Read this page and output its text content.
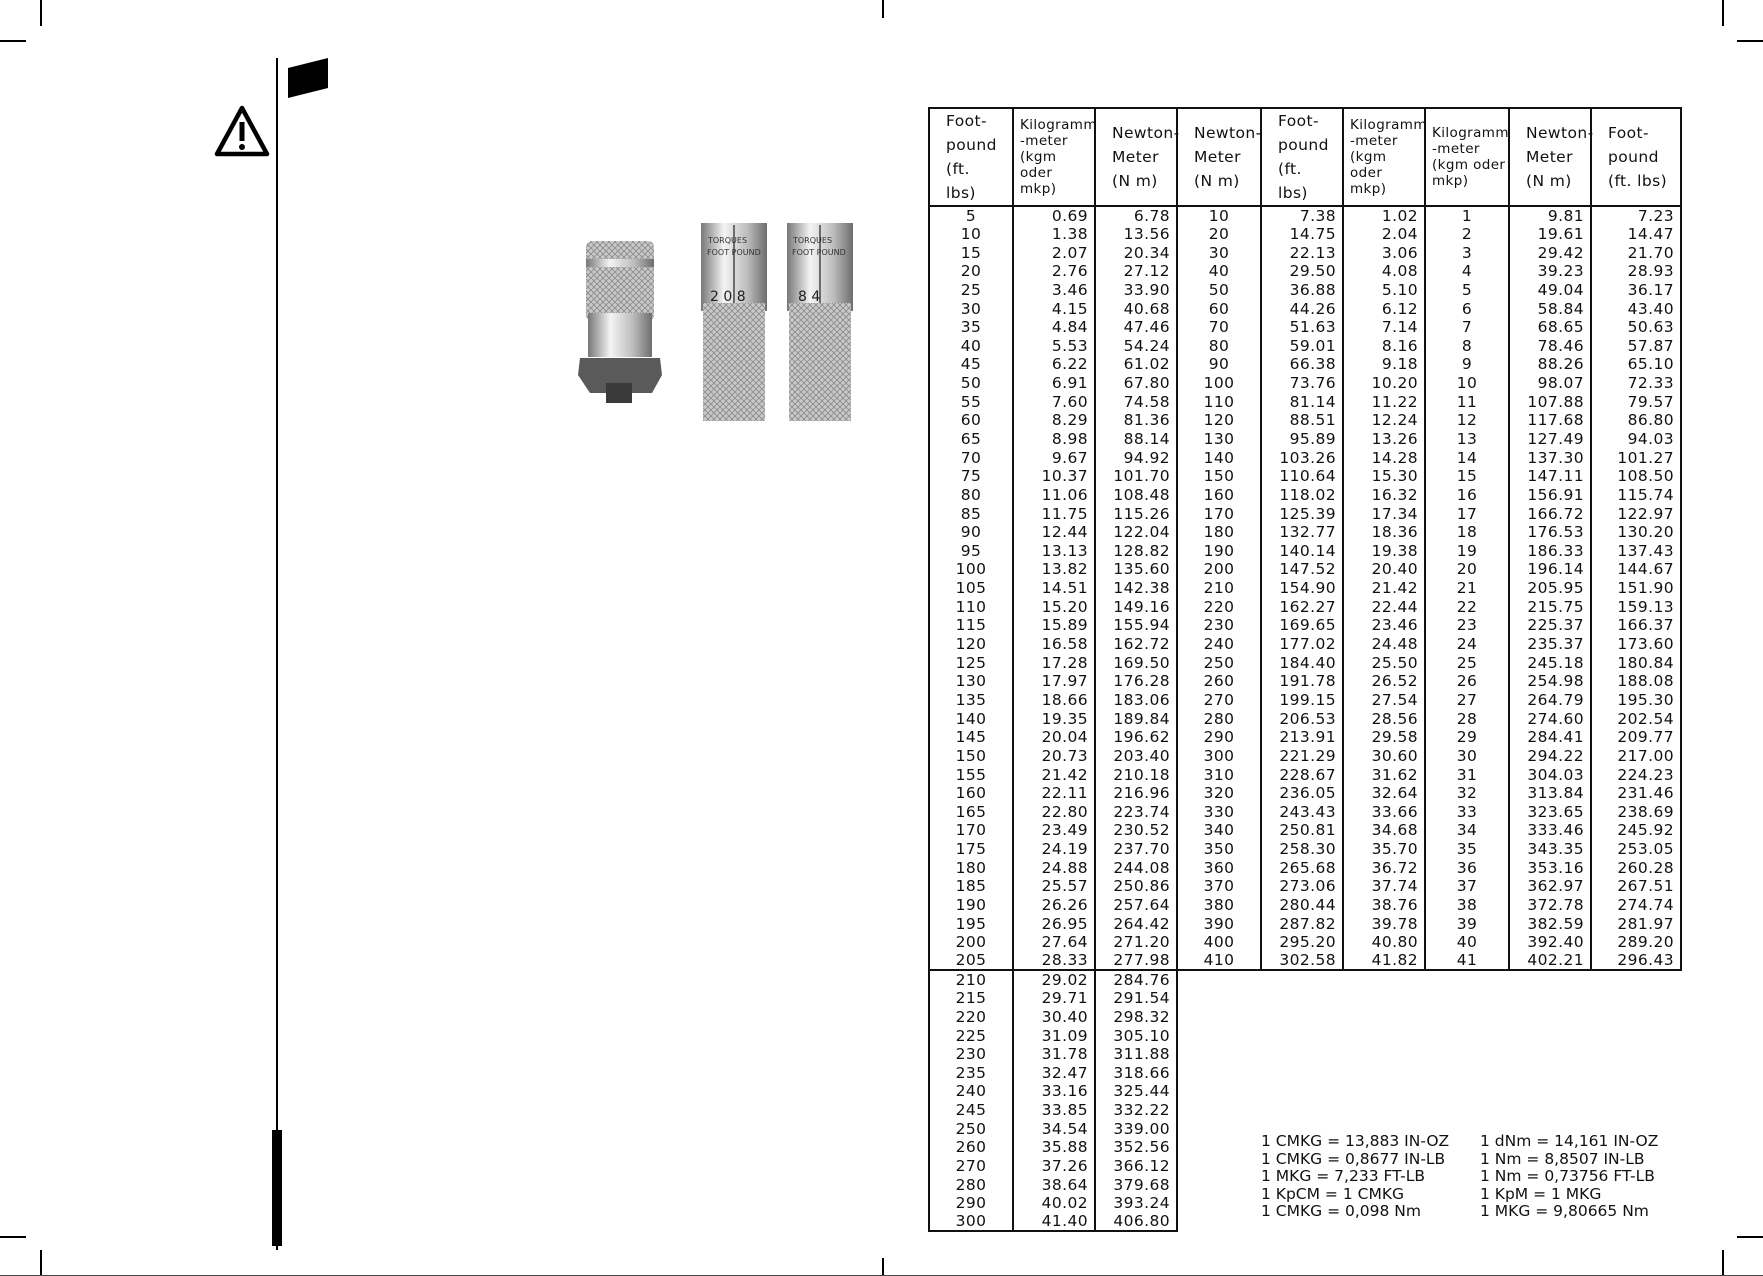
TORQUES
FOOT POUND
2 0 8
TORQUES
FOOT POUND
8 4
Foot-
pound
(ft. lbs)	Kilogramm
-meter
(kgm oder
mkp)	Newton-
Meter
(N m)	Newton-
Meter
(N m)	Foot-
pound
(ft. lbs)	Kilogramm
-meter
(kgm oder
mkp)	Kilogramm
-meter
(kgm oder
mkp)	Newton-
Meter
(N m)	Foot-
pound
(ft. lbs)
5	0.69	6.78	10	7.38	1.02	1	9.81	7.23
10	1.38	13.56	20	14.75	2.04	2	19.61	14.47
15	2.07	20.34	30	22.13	3.06	3	29.42	21.70
20	2.76	27.12	40	29.50	4.08	4	39.23	28.93
25	3.46	33.90	50	36.88	5.10	5	49.04	36.17
30	4.15	40.68	60	44.26	6.12	6	58.84	43.40
35	4.84	47.46	70	51.63	7.14	7	68.65	50.63
40	5.53	54.24	80	59.01	8.16	8	78.46	57.87
45	6.22	61.02	90	66.38	9.18	9	88.26	65.10
50	6.91	67.80	100	73.76	10.20	10	98.07	72.33
55	7.60	74.58	110	81.14	11.22	11	107.88	79.57
60	8.29	81.36	120	88.51	12.24	12	117.68	86.80
65	8.98	88.14	130	95.89	13.26	13	127.49	94.03
70	9.67	94.92	140	103.26	14.28	14	137.30	101.27
75	10.37	101.70	150	110.64	15.30	15	147.11	108.50
80	11.06	108.48	160	118.02	16.32	16	156.91	115.74
85	11.75	115.26	170	125.39	17.34	17	166.72	122.97
90	12.44	122.04	180	132.77	18.36	18	176.53	130.20
95	13.13	128.82	190	140.14	19.38	19	186.33	137.43
100	13.82	135.60	200	147.52	20.40	20	196.14	144.67
105	14.51	142.38	210	154.90	21.42	21	205.95	151.90
110	15.20	149.16	220	162.27	22.44	22	215.75	159.13
115	15.89	155.94	230	169.65	23.46	23	225.37	166.37
120	16.58	162.72	240	177.02	24.48	24	235.37	173.60
125	17.28	169.50	250	184.40	25.50	25	245.18	180.84
130	17.97	176.28	260	191.78	26.52	26	254.98	188.08
135	18.66	183.06	270	199.15	27.54	27	264.79	195.30
140	19.35	189.84	280	206.53	28.56	28	274.60	202.54
145	20.04	196.62	290	213.91	29.58	29	284.41	209.77
150	20.73	203.40	300	221.29	30.60	30	294.22	217.00
155	21.42	210.18	310	228.67	31.62	31	304.03	224.23
160	22.11	216.96	320	236.05	32.64	32	313.84	231.46
165	22.80	223.74	330	243.43	33.66	33	323.65	238.69
170	23.49	230.52	340	250.81	34.68	34	333.46	245.92
175	24.19	237.70	350	258.30	35.70	35	343.35	253.05
180	24.88	244.08	360	265.68	36.72	36	353.16	260.28
185	25.57	250.86	370	273.06	37.74	37	362.97	267.51
190	26.26	257.64	380	280.44	38.76	38	372.78	274.74
195	26.95	264.42	390	287.82	39.78	39	382.59	281.97
200	27.64	271.20	400	295.20	40.80	40	392.40	289.20
205	28.33	277.98	410	302.58	41.82	41	402.21	296.43
210	29.02	284.76						
215	29.71	291.54						
220	30.40	298.32						
225	31.09	305.10						
230	31.78	311.88						
235	32.47	318.66						
240	33.16	325.44						
245	33.85	332.22						
250	34.54	339.00						
260	35.88	352.56						
270	37.26	366.12						
280	38.64	379.68						
290	40.02	393.24						
300	41.40	406.80						
1 CMKG = 13,883 IN-OZ
1 CMKG = 0,8677 IN-LB
1 MKG = 7,233 FT-LB
1 KpCM = 1 CMKG
1 CMKG = 0,098 Nm
1 dNm = 14,161 IN-OZ
1 Nm = 8,8507 IN-LB
1 Nm = 0,73756 FT-LB
1 KpM = 1 MKG
1 MKG = 9,80665 Nm
